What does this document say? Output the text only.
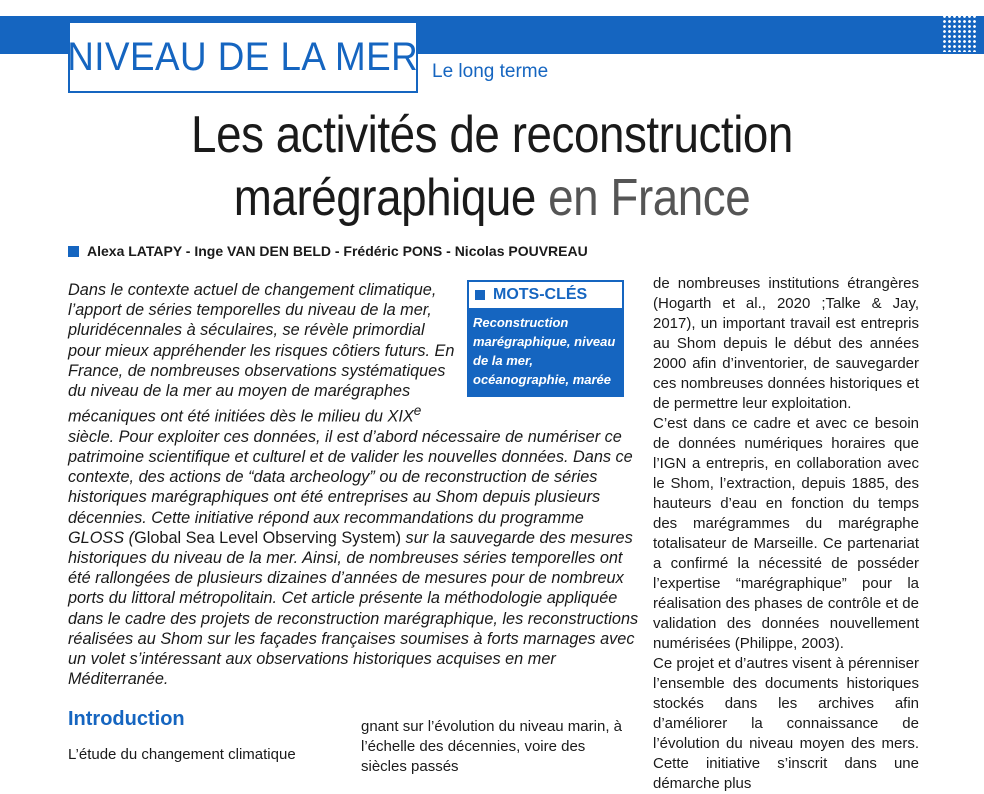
NIVEAU DE LA MER Le long terme
Les activités de reconstruction
marégraphique en France
Alexa LATAPY - Inge VAN DEN BELD - Frédéric PONS - Nicolas POUVREAU
MOTS-CLÉS
Reconstruction marégraphique, niveau de la mer, océanographie, marée
Dans le contexte actuel de changement climatique, l’apport de séries temporelles du niveau de la mer, pluridécennales à séculaires, se révèle primordial pour mieux appréhender les risques côtiers futurs. En France, de nombreuses observations systématiques du niveau de la mer au moyen de marégraphes mécaniques ont été initiées dès le milieu du XIXe siècle. Pour exploiter ces données, il est d’abord nécessaire de numériser ce patrimoine scientifique et culturel et de valider les nouvelles données. Dans ce contexte, des actions de “data archeology” ou de reconstruction de séries historiques marégraphiques ont été entreprises au Shom depuis plusieurs décennies. Cette initiative répond aux recommandations du programme GLOSS (Global Sea Level Observing System) sur la sauvegarde des mesures historiques du niveau de la mer. Ainsi, de nombreuses séries temporelles ont été rallongées de plusieurs dizaines d’années de mesures pour de nombreux ports du littoral métropolitain. Cet article présente la méthodologie appliquée dans le cadre des projets de reconstruction marégraphique, les reconstructions réalisées au Shom sur les façades françaises soumises à forts marnages avec un volet s’intéressant aux observations historiques acquises en mer Méditerranée.
Introduction

L’étude du changement climatique

gnant sur l’évolution du niveau marin, à l’échelle des décennies, voire des siècles passés

de nombreuses institutions étrangères (Hogarth et al., 2020 ;Talke & Jay, 2017), un important travail est entrepris au Shom depuis le début des années 2000 afin d’inventorier, de sauvegarder ces nombreuses données historiques et de permettre leur exploitation.

C’est dans ce cadre et avec ce besoin de données numériques horaires que l’IGN a entrepris, en collaboration avec le Shom, l’extraction, depuis 1885, des hauteurs d’eau en fonction du temps des marégrammes du marégraphe totalisateur de Marseille. Ce partenariat a confirmé la nécessité de posséder l’expertise “marégraphique” pour la réalisation des phases de contrôle et de validation des données nouvellement numérisées (Philippe, 2003).

Ce projet et d’autres visent à pérenniser l’ensemble des documents historiques stockés dans les archives afin d’améliorer la connaissance de l’évolution du niveau moyen des mers. Cette initiative s’inscrit dans une démarche plus
